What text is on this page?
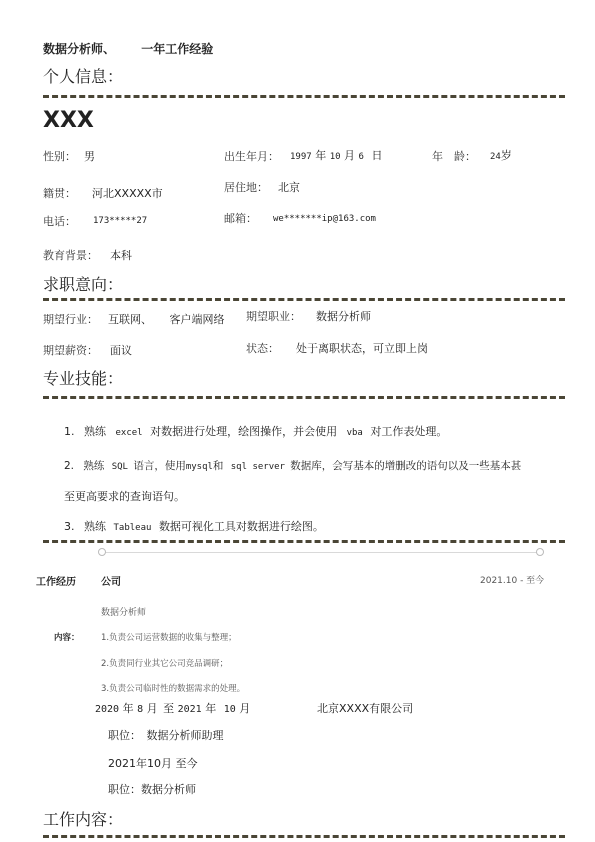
数据分析师、 一年工作经验
个人信息：
XXX
性别： 男	出生年月： 1997 年 10 月 6 日	年　龄： 24岁
籍贯： 河北XXXXX市	居住地： 北京
电话： 173*****27	邮箱： we*******ip@163.com
教育背景： 本科
求职意向：
期望行业： 互联网、 客户端网络 期望职业： 数据分析师
期望薪资： 面议	状态： 处于离职状态，可立即上岗
专业技能：
1. 熟练 excel 对数据进行处理，绘图操作，并会使用 vba 对工作表处理。
2. 熟练 SQL 语言，使用mysql和 sql server 数据库，会写基本的增删改的语句以及一些基本甚
至更高要求的查询语句。
3. 熟练 Tableau 数据可视化工具对数据进行绘图。
工作经历	公司	2021.10 - 至今
数据分析师
内容：	1.负责公司运营数据的收集与整理；
2.负责同行业其它公司竞品调研；
3.负责公司临时性的数据需求的处理。
2020 年 8 月 至 2021 年 10 月	北京XXXX有限公司
职位：　数据分析师助理
2021年10月 至今
职位：数据分析师
工作内容：
